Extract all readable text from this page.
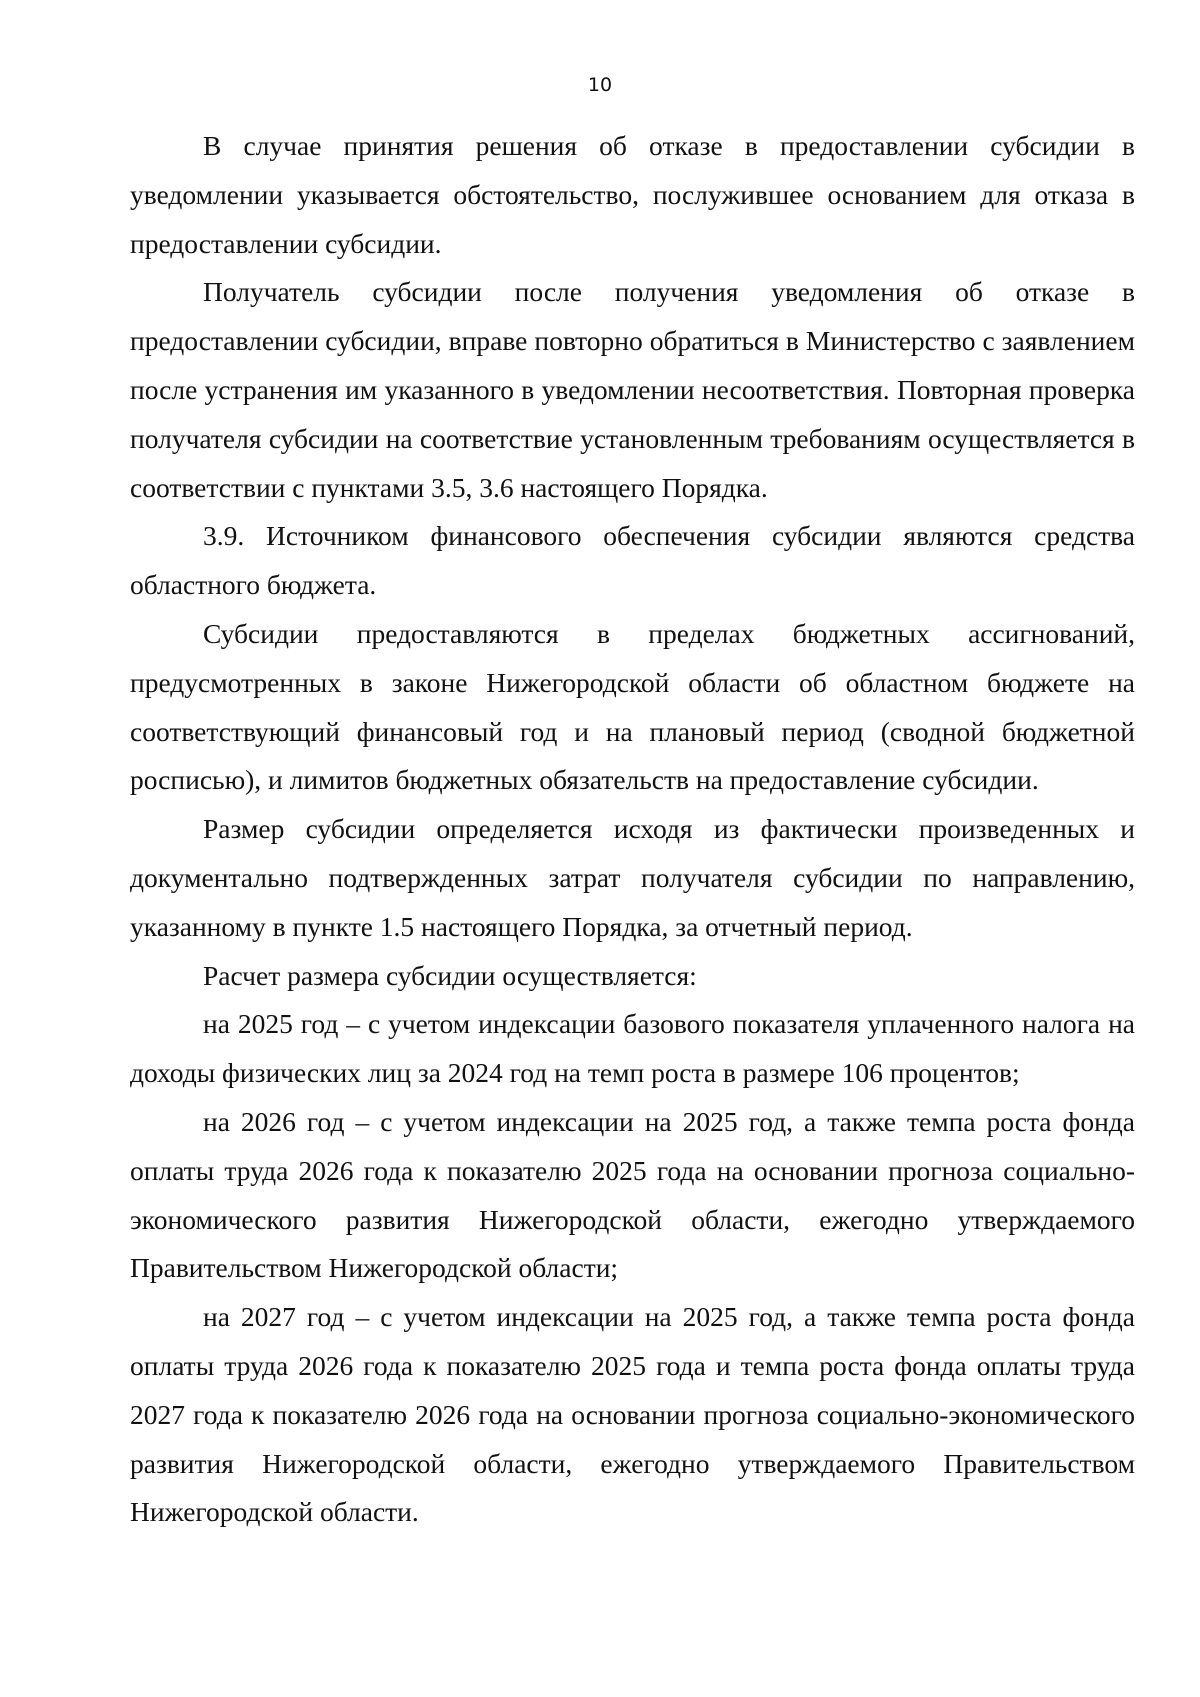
10

В случае принятия решения об отказе в предоставлении субсидии в уведомлении указывается обстоятельство, послужившее основанием для отказа в предоставлении субсидии.

Получатель субсидии после получения уведомления об отказе в предоставлении субсидии, вправе повторно обратиться в Министерство с заявлением после устранения им указанного в уведомлении несоответствия. Повторная проверка получателя субсидии на соответствие установленным требованиям осуществляется в соответствии с пунктами 3.5, 3.6 настоящего Порядка.

3.9. Источником финансового обеспечения субсидии являются средства областного бюджета.

Субсидии предоставляются в пределах бюджетных ассигнований, предусмотренных в законе Нижегородской области об областном бюджете на соответствующий финансовый год и на плановый период (сводной бюджетной росписью), и лимитов бюджетных обязательств на предоставление субсидии.

Размер субсидии определяется исходя из фактически произведенных и документально подтвержденных затрат получателя субсидии по направлению, указанному в пункте 1.5 настоящего Порядка, за отчетный период.

Расчет размера субсидии осуществляется:

на 2025 год – с учетом индексации базового показателя уплаченного налога на доходы физических лиц за 2024 год на темп роста в размере 106 процентов;

на 2026 год – с учетом индексации на 2025 год, а также темпа роста фонда оплаты труда 2026 года к показателю 2025 года на основании прогноза социально-экономического развития Нижегородской области, ежегодно утверждаемого Правительством Нижегородской области;

на 2027 год – с учетом индексации на 2025 год, а также темпа роста фонда оплаты труда 2026 года к показателю 2025 года и темпа роста фонда оплаты труда 2027 года к показателю 2026 года на основании прогноза социально-экономического развития Нижегородской области, ежегодно утверждаемого Правительством Нижегородской области.
